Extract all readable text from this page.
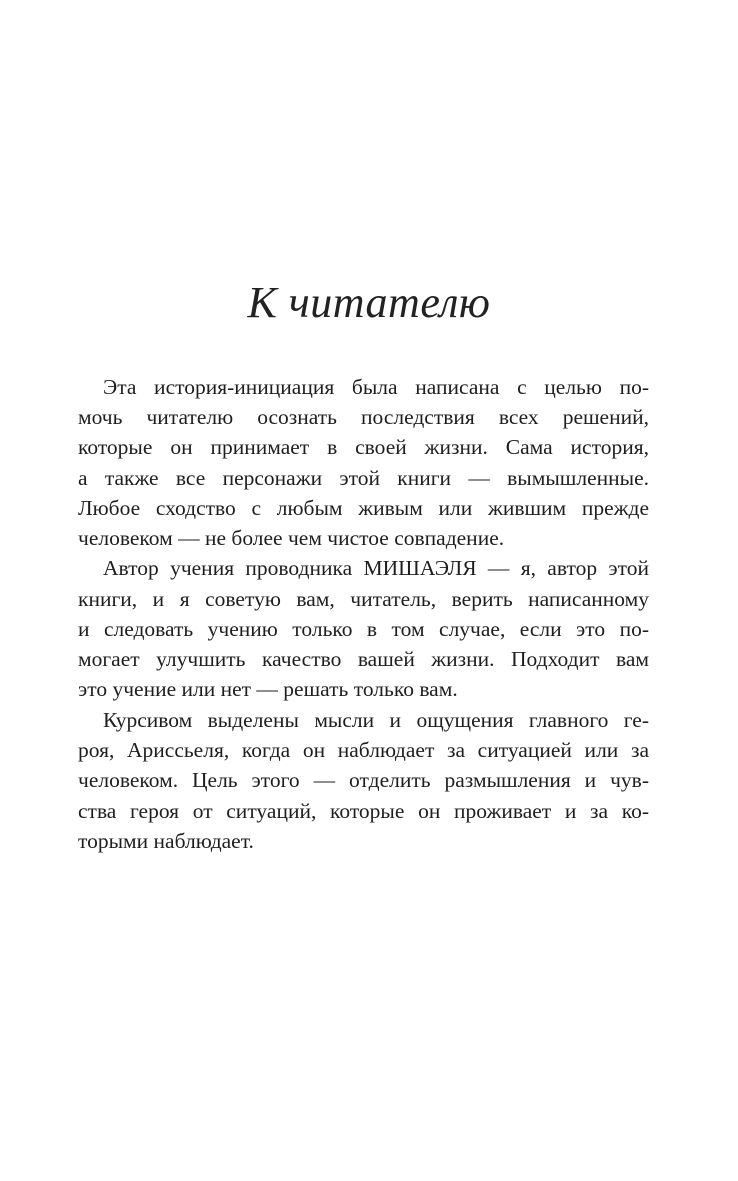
К читателю
Эта история-инициация была написана с целью по-
мочь читателю осознать последствия всех решений,
которые он принимает в своей жизни. Сама история,
а также все персонажи этой книги — вымышленные.
Любое сходство с любым живым или жившим прежде
человеком — не более чем чистое совпадение.
Автор учения проводника МИШАЭЛЯ — я, автор этой
книги, и я советую вам, читатель, верить написанному
и следовать учению только в том случае, если это по-
могает улучшить качество вашей жизни. Подходит вам
это учение или нет — решать только вам.
Курсивом выделены мысли и ощущения главного ге-
роя, Ариссьеля, когда он наблюдает за ситуацией или за
человеком. Цель этого — отделить размышления и чув-
ства героя от ситуаций, которые он проживает и за ко-
торыми наблюдает.
